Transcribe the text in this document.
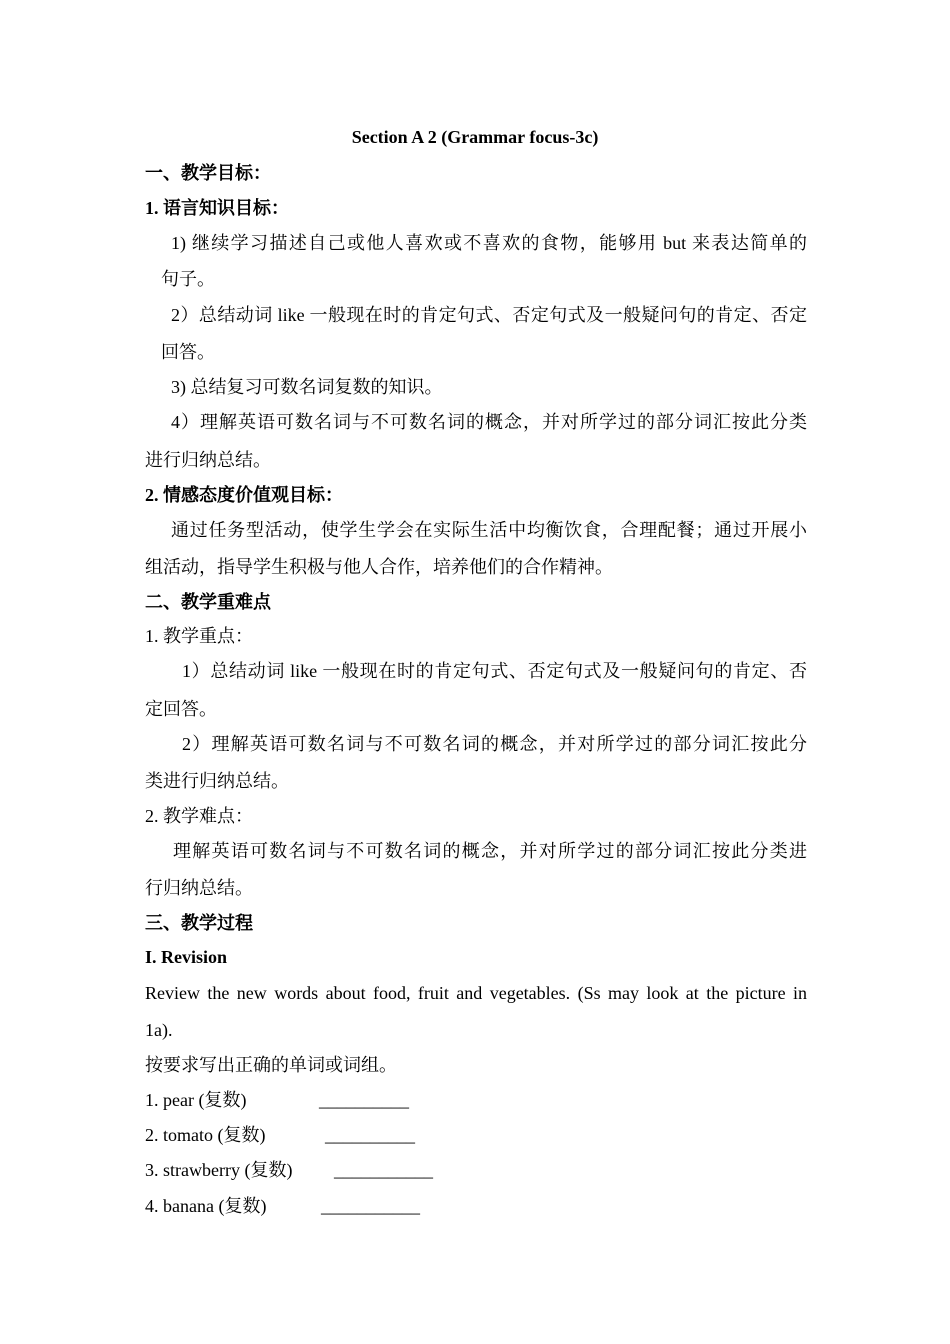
Section A 2 (Grammar focus-3c)
一、教学目标：
1. 语言知识目标：
1) 继续学习描述自己或他人喜欢或不喜欢的食物，能够用 but 来表达简单的
句子。
2）总结动词 like 一般现在时的肯定句式、否定句式及一般疑问句的肯定、否定
回答。
3) 总结复习可数名词复数的知识。
4）理解英语可数名词与不可数名词的概念，并对所学过的部分词汇按此分类
进行归纳总结。
2. 情感态度价值观目标：
通过任务型活动，使学生学会在实际生活中均衡饮食，合理配餐；通过开展小
组活动，指导学生积极与他人合作，培养他们的合作精神。
二、教学重难点
1. 教学重点：
1）总结动词 like 一般现在时的肯定句式、否定句式及一般疑问句的肯定、否
定回答。
2）理解英语可数名词与不可数名词的概念，并对所学过的部分词汇按此分
类进行归纳总结。
2. 教学难点：
理解英语可数名词与不可数名词的概念，并对所学过的部分词汇按此分类进
行归纳总结。
三、教学过程
I. Revision
Review the new words about food, fruit and vegetables. (Ss may look at the picture in
1a).
按要求写出正确的单词或词组。
1. pear (复数)	__________
2. tomato (复数)	__________
3. strawberry (复数) ___________
4. banana (复数)	___________
